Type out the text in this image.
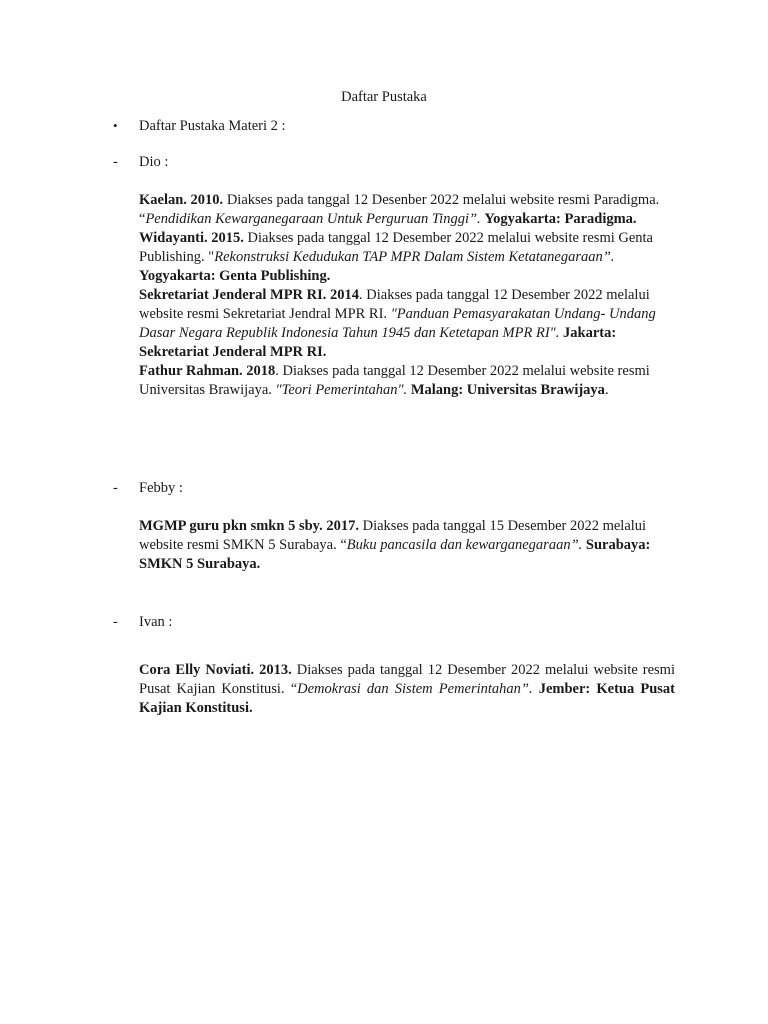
Daftar Pustaka
• Daftar Pustaka Materi 2 :
- Dio :

Kaelan. 2010. Diakses pada tanggal 12 Desenber 2022 melalui website resmi Paradigma. “Pendidikan Kewarganegaraan Untuk Perguruan Tinggi”. Yogyakarta: Paradigma.

Widayanti. 2015. Diakses pada tanggal 12 Desember 2022 melalui website resmi Genta Publishing. "Rekonstruksi Kedudukan TAP MPR Dalam Sistem Ketatanegaraan”. Yogyakarta: Genta Publishing.

Sekretariat Jenderal MPR RI. 2014. Diakses pada tanggal 12 Desember 2022 melalui website resmi Sekretariat Jendral MPR RI. "Panduan Pemasyarakatan Undang- Undang Dasar Negara Republik Indonesia Tahun 1945 dan Ketetapan MPR RI". Jakarta: Sekretariat Jenderal MPR RI.

Fathur Rahman. 2018. Diakses pada tanggal 12 Desember 2022 melalui website resmi Universitas Brawijaya. "Teori Pemerintahan". Malang: Universitas Brawijaya.

- Febby :

MGMP guru pkn smkn 5 sby. 2017. Diakses pada tanggal 15 Desember 2022 melalui website resmi SMKN 5 Surabaya. “Buku pancasila dan kewarganegaraan”. Surabaya: SMKN 5 Surabaya.

- Ivan :

Cora Elly Noviati. 2013. Diakses pada tanggal 12 Desember 2022 melalui website resmi Pusat Kajian Konstitusi. “Demokrasi dan Sistem Pemerintahan”. Jember: Ketua Pusat Kajian Konstitusi.
